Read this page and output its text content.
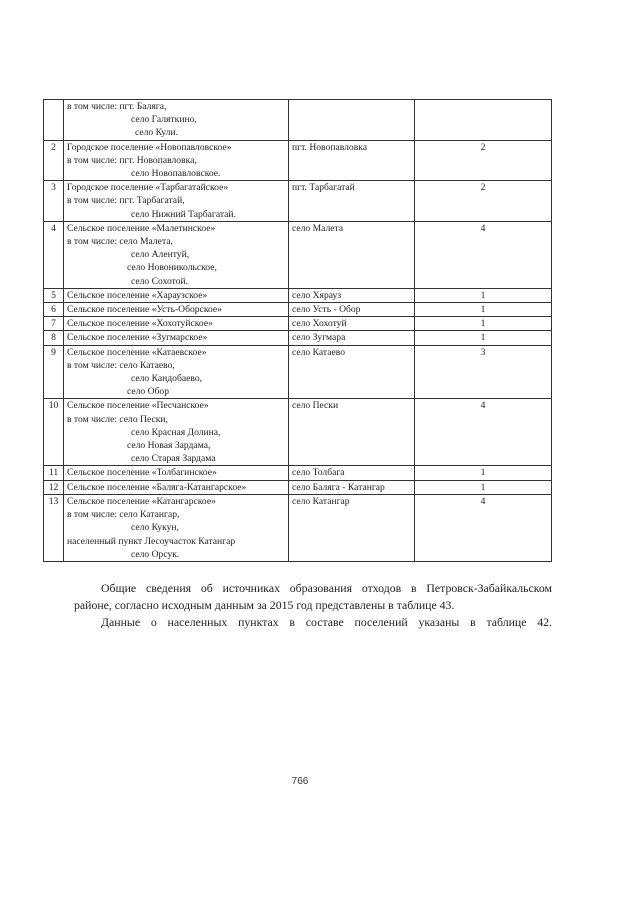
	в том числе: пгт. Баляга,
село Галяткино,
село Кули.		

2	Городское поселение «Новопавловское»
в том числе: пгт. Новопавловка,
село Новопавловское.	пгт. Новопавловка	2
3	Городское поселение «Тарбагатайское»
в том числе: пгт. Тарбагатай,
село Нижний Тарбагатай.	пгт. Тарбагатай	2
4	Сельское поселение «Малетинское»
в том числе: село Малета,
село Алентуй,
село Новоникольское,
село Сохотой.	село Малета	4
5	Сельское поселение «Хараузское»	село Хярауз	1
6	Сельское поселение «Усть-Оборское»	село Усть - Обор	1
7	Сельское поселение «Хохотуйское»	село Хохотуй	1
8	Сельское поселение «Зугмарское»	село Зугмара	1
9	Сельское поселение «Катаевское»
в том числе: село Катаево,
село Кандобаево,
село Обор	село Катаево	3
10	Сельское поселение «Песчанское»
в том числе: село Пески,
село Красная Долина,
село Новая Зардама,
село Старая Зардама	село Пески	4
11	Сельское поселение «Толбагинское»	село Толбага	1
12	Сельское поселение «Баляга-Катангарское»	село Баляга - Катангар	1
13	Сельское поселение «Катангарское»
в том числе: село Катангар,
село Кукун,
населенный пункт Лесоучасток Катангар
село Орсук.	село Катангар	4

Общие сведения об источниках образования отходов в Петровск-Забайкальском
районе, согласно исходным данным за 2015 год представлены в таблице 43.

Данные о населенных пунктах в составе поселений указаны в таблице 42.

766
